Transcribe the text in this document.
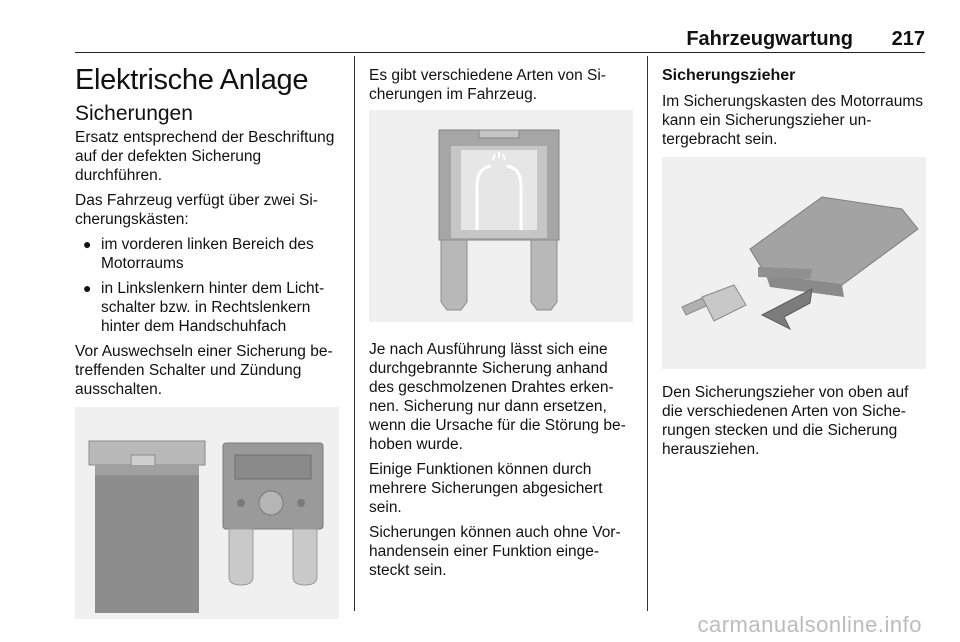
Fahrzeugwartung 217
Elektrische Anlage
Sicherungen

Ersatz entsprechend der Beschriftung auf der defekten Sicherung durchführen.

Das Fahrzeug verfügt über zwei Sicherungskästen:

● im vorderen linken Bereich des Motorraums
● in Linkslenkern hinter dem Lichtschalter bzw. in Rechtslenkern hinter dem Handschuhfach

Vor Auswechseln einer Sicherung betreffenden Schalter und Zündung ausschalten.

Es gibt verschiedene Arten von Sicherungen im Fahrzeug.

Je nach Ausführung lässt sich eine durchgebrannte Sicherung anhand des geschmolzenen Drahtes erkennen. Sicherung nur dann ersetzen, wenn die Ursache für die Störung behoben wurde.

Einige Funktionen können durch mehrere Sicherungen abgesichert sein.

Sicherungen können auch ohne Vorhandensein einer Funktion eingesteckt sein.

Sicherungszieher

Im Sicherungskasten des Motorraums kann ein Sicherungszieher untergebracht sein.

Den Sicherungszieher von oben auf die verschiedenen Arten von Sicherungen stecken und die Sicherung herausziehen.

carmanualsonline.info
